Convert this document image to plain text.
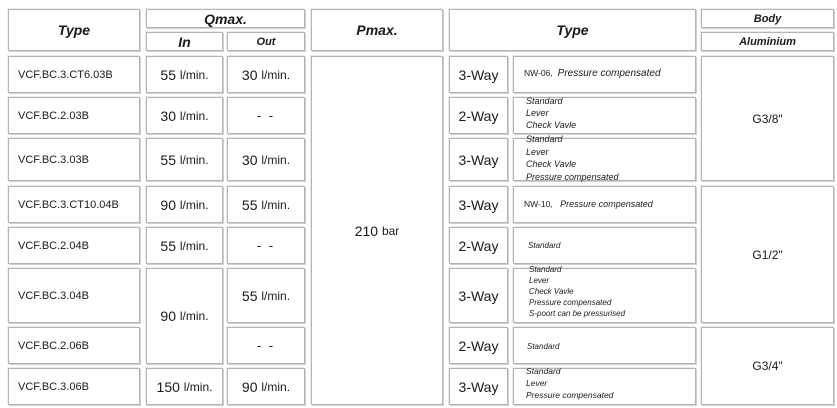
Type
Qmax.
In	Out
Pmax.	Type
Body
Aluminium
VCF.BC.3.CT6.03B
VCF.BC.2.03B
VCF.BC.3.03B
VCF.BC.3.CT10.04B
VCF.BC.2.04B
VCF.BC.3.04B
VCF.BC.2.06B
VCF.BC.3.06B
55
l/min.
30
l/min.
55
l/min.
90
l/min.
55
l/min.
90
l/min.
150
l/min.
30
l/min.
- -
30
l/min.
55
l/min.
- -
55
l/min.
- -
90
l/min.
210
bar
3-Way
2-Way
3-Way
3-Way
2-Way
3-Way
2-Way
3-Way
NW-06, Pressure compensated
Standard
Lever
Check Vavle
Standard
Lever
Check Vavle
Pressure compensated
NW-10, Pressure compensated
Standard
Standard
Lever
Check Vavle
Pressure compensated
S-poort can be pressurised
Standard
Standard
Lever
Pressure compensated
G3/8"
G1/2"
G3/4"
